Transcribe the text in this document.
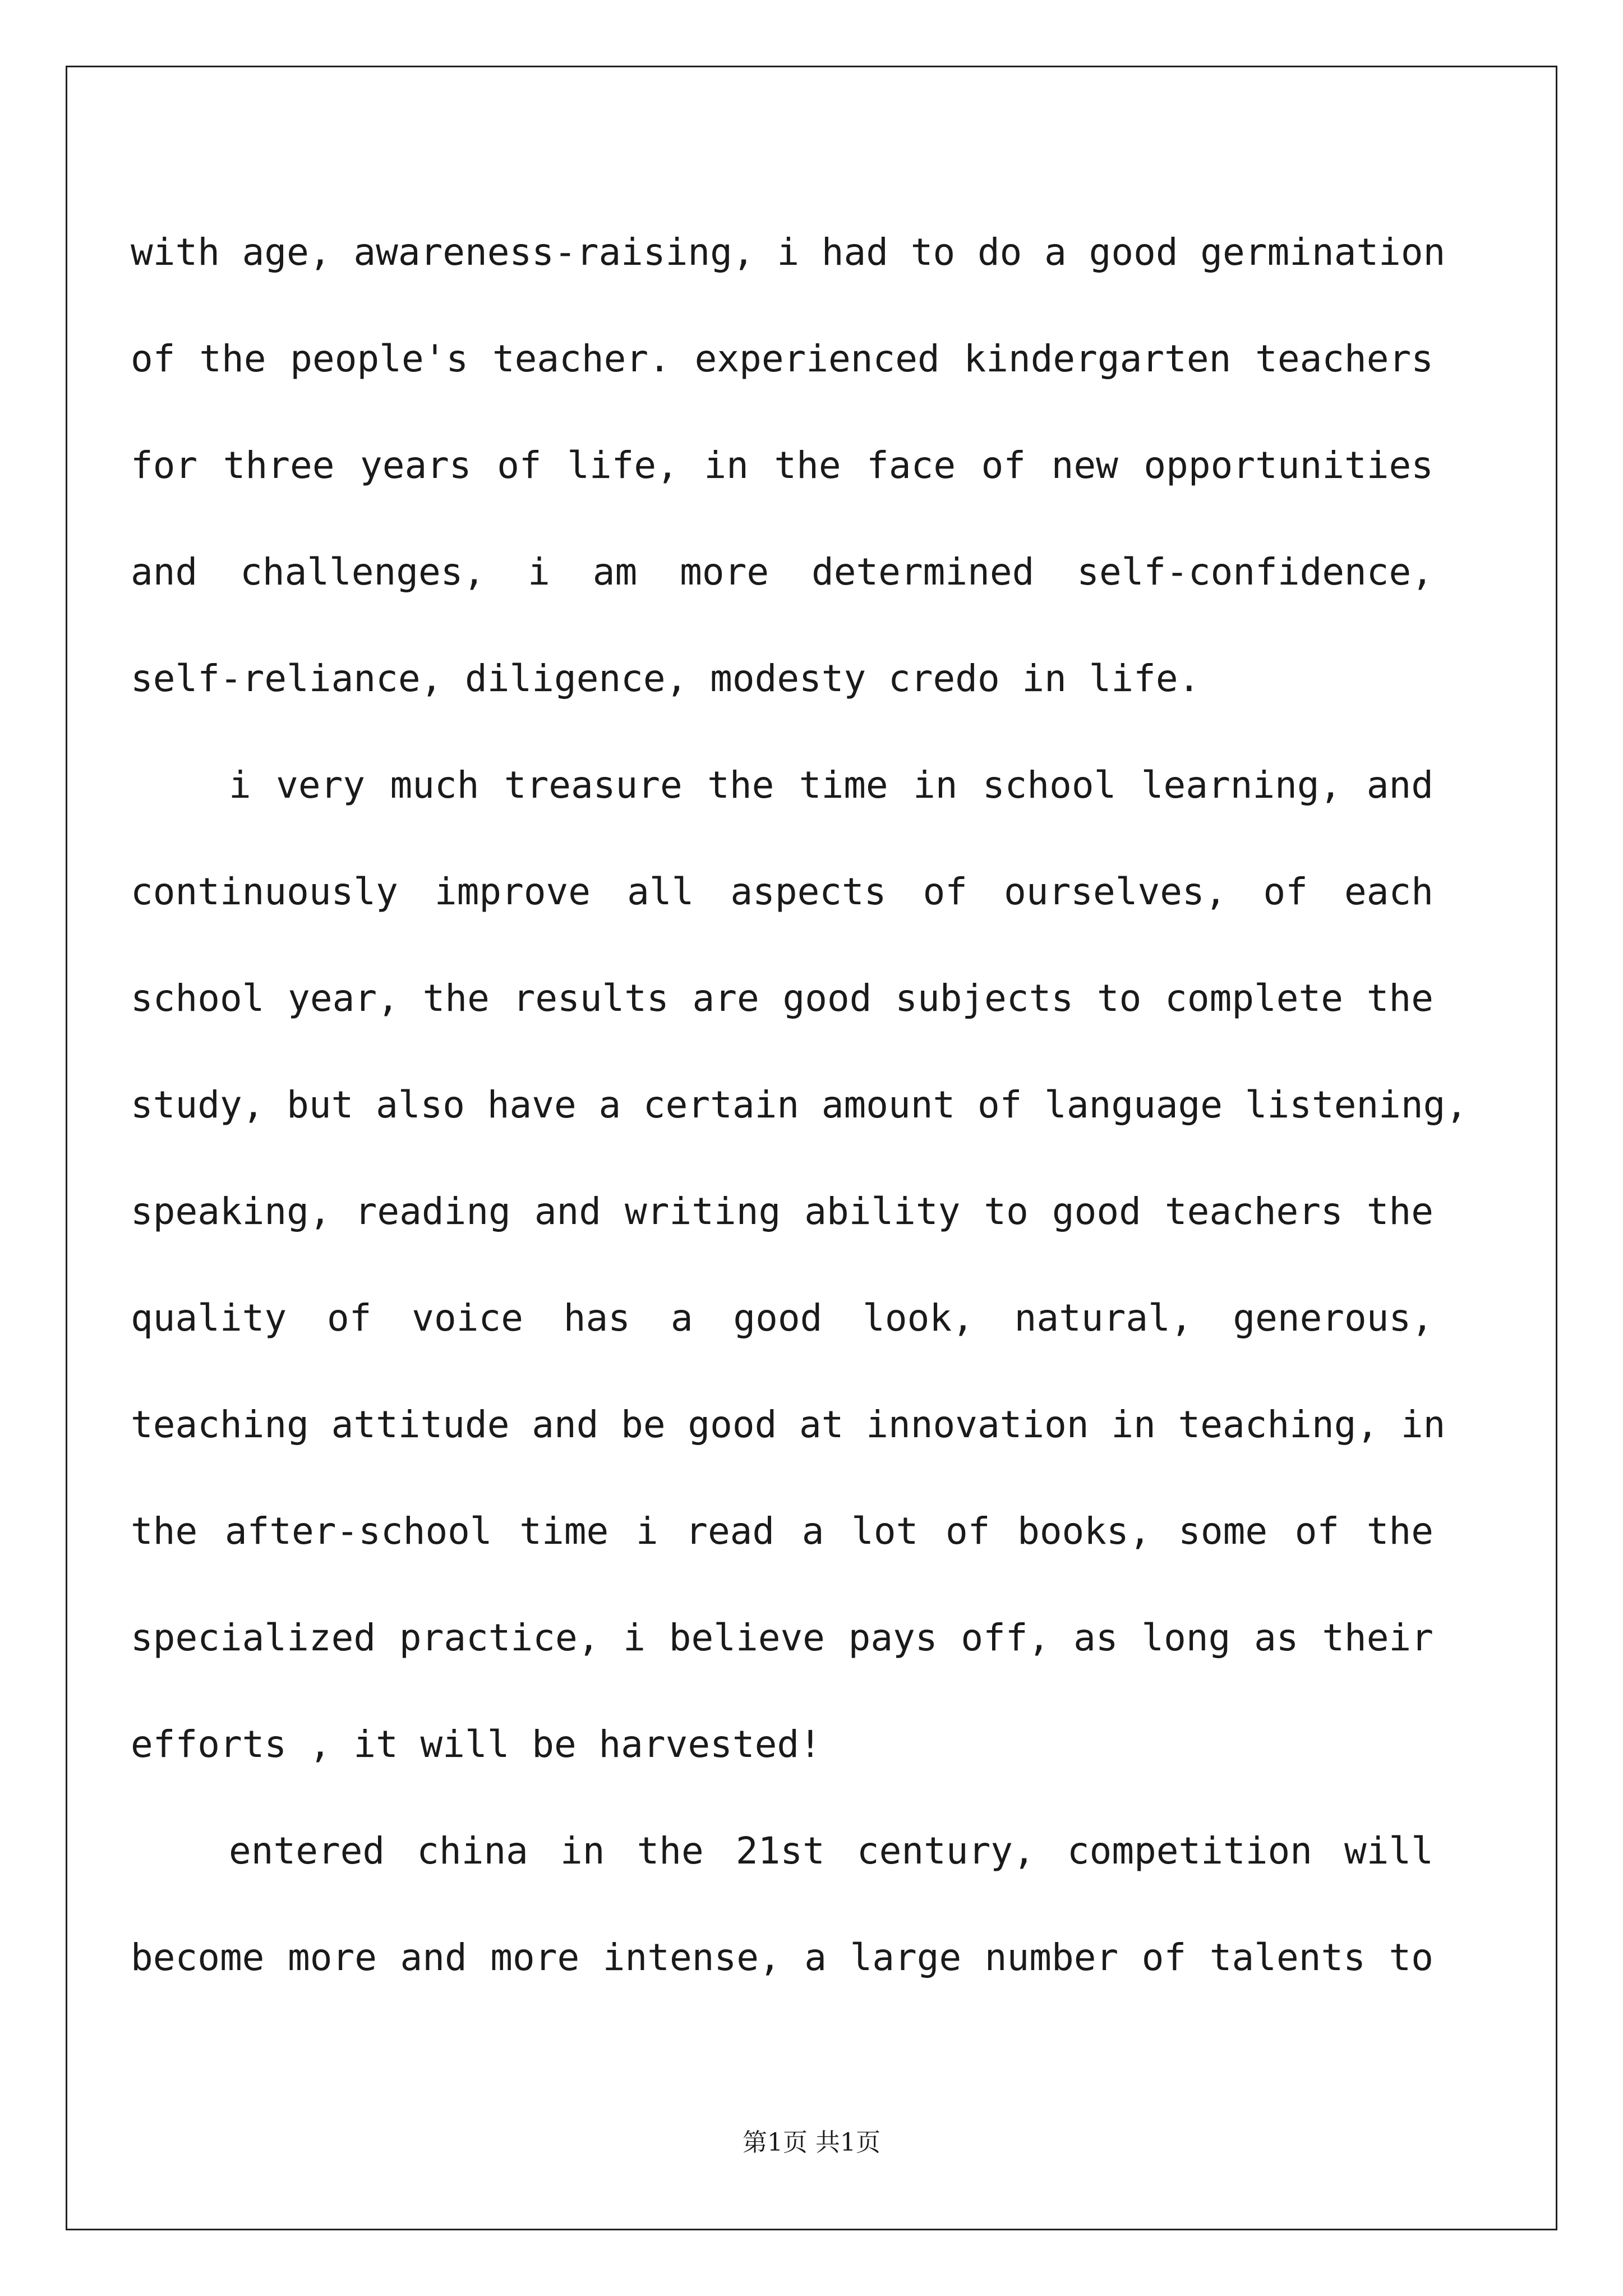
with age, awareness-raising, i had to do a good germination
of the people's teacher. experienced kindergarten teachers
for three years of life, in the face of new opportunities
and challenges, i am more determined self-confidence,
self-reliance, diligence, modesty credo in life.
i very much treasure the time in school learning, and
continuously improve all aspects of ourselves, of each
school year, the results are good subjects to complete the
study, but also have a certain amount of language listening,
speaking, reading and writing ability to good teachers the
quality of voice has a good look, natural, generous,
teaching attitude and be good at innovation in teaching, in
the after-school time i read a lot of books, some of the
specialized practice, i believe pays off, as long as their
efforts , it will be harvested!
entered china in the 21st century, competition will
become more and more intense, a large number of talents to
第1页 共1页
